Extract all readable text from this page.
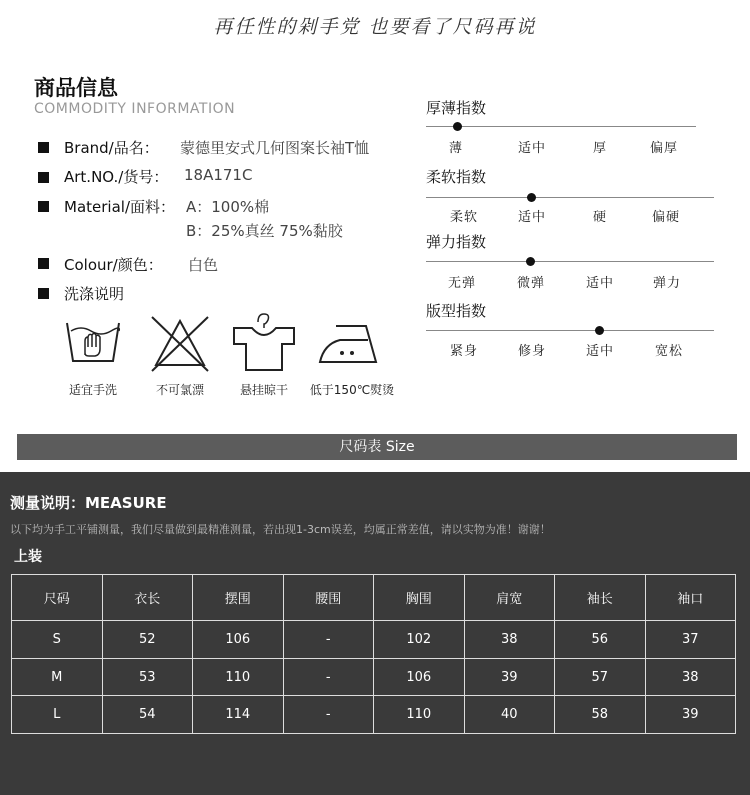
再任性的剁手党 也要看了尺码再说
商品信息
COMMODITY INFORMATION
Brand/品名： 蒙德里安式几何图案长袖T恤
Art.NO./货号： 18A171C
Material/面料： A：100%棉
B：25%真丝 75%黏胶
Colour/颜色： 白色
洗涤说明
适宜手洗	不可氯漂	悬挂晾干	低于150℃熨烫
厚薄指数
薄	适中	厚	偏厚
柔软指数
柔软	适中	硬	偏硬
弹力指数
无弹	微弹	适中	弹力
版型指数
紧身	修身	适中	宽松
尺码表 Size
测量说明：MEASURE
以下均为手工平铺测量，我们尽量做到最精准测量，若出现1-3cm误差，均属正常差值，请以实物为准！谢谢！
上装
尺码	衣长	摆围	腰围	胸围	肩宽	袖长	袖口
S	52	106	-	102	38	56	37
M	53	110	-	106	39	57	38
L	54	114	-	110	40	58	39
